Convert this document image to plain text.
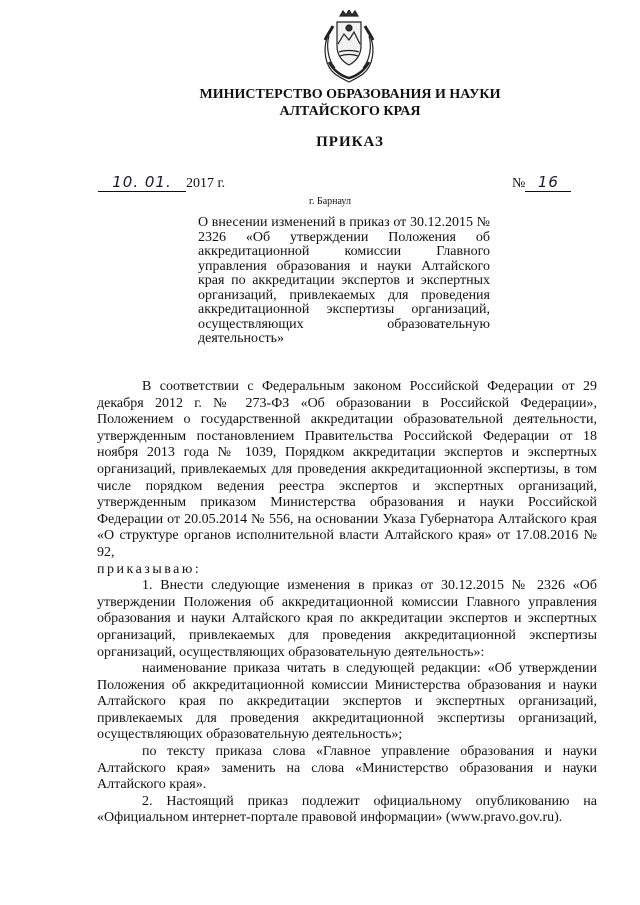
МИНИСТЕРСТВО ОБРАЗОВАНИЯ И НАУКИ
АЛТАЙСКОГО КРАЯ
ПРИКАЗ
10. 01. 2017 г.	№ 16
г. Барнаул
О внесении изменений в приказ от 30.12.2015 № 2326 «Об утверждении Положения об аккредитационной комиссии Главного управления образования и науки Алтайского края по аккредитации экспертов и экспертных организаций, привлекаемых для проведения аккредитационной экспертизы организаций, осуществляющих образовательную деятельность»

В соответствии с Федеральным законом Российской Федерации от 29 декабря 2012 г. № 273-ФЗ «Об образовании в Российской Федерации», Положением о государственной аккредитации образовательной деятельности, утвержденным постановлением Правительства Российской Федерации от 18 ноября 2013 года № 1039, Порядком аккредитации экспертов и экспертных организаций, привлекаемых для проведения аккредитационной экспертизы, в том числе порядком ведения реестра экспертов и экспертных организаций, утвержденным приказом Министерства образования и науки Российской Федерации от 20.05.2014 № 556, на основании Указа Губернатора Алтайского края «О структуре органов исполнительной власти Алтайского края» от 17.08.2016 № 92,

приказываю:

1. Внести следующие изменения в приказ от 30.12.2015 № 2326 «Об утверждении Положения об аккредитационной комиссии Главного управления образования и науки Алтайского края по аккредитации экспертов и экспертных организаций, привлекаемых для проведения аккредитационной экспертизы организаций, осуществляющих образовательную деятельность»:

наименование приказа читать в следующей редакции: «Об утверждении Положения об аккредитационной комиссии Министерства образования и науки Алтайского края по аккредитации экспертов и экспертных организаций, привлекаемых для проведения аккредитационной экспертизы организаций, осуществляющих образовательную деятельность»;

по тексту приказа слова «Главное управление образования и науки Алтайского края» заменить на слова «Министерство образования и науки Алтайского края».

2. Настоящий приказ подлежит официальному опубликованию на «Официальном интернет-портале правовой информации» (www.pravo.gov.ru).
